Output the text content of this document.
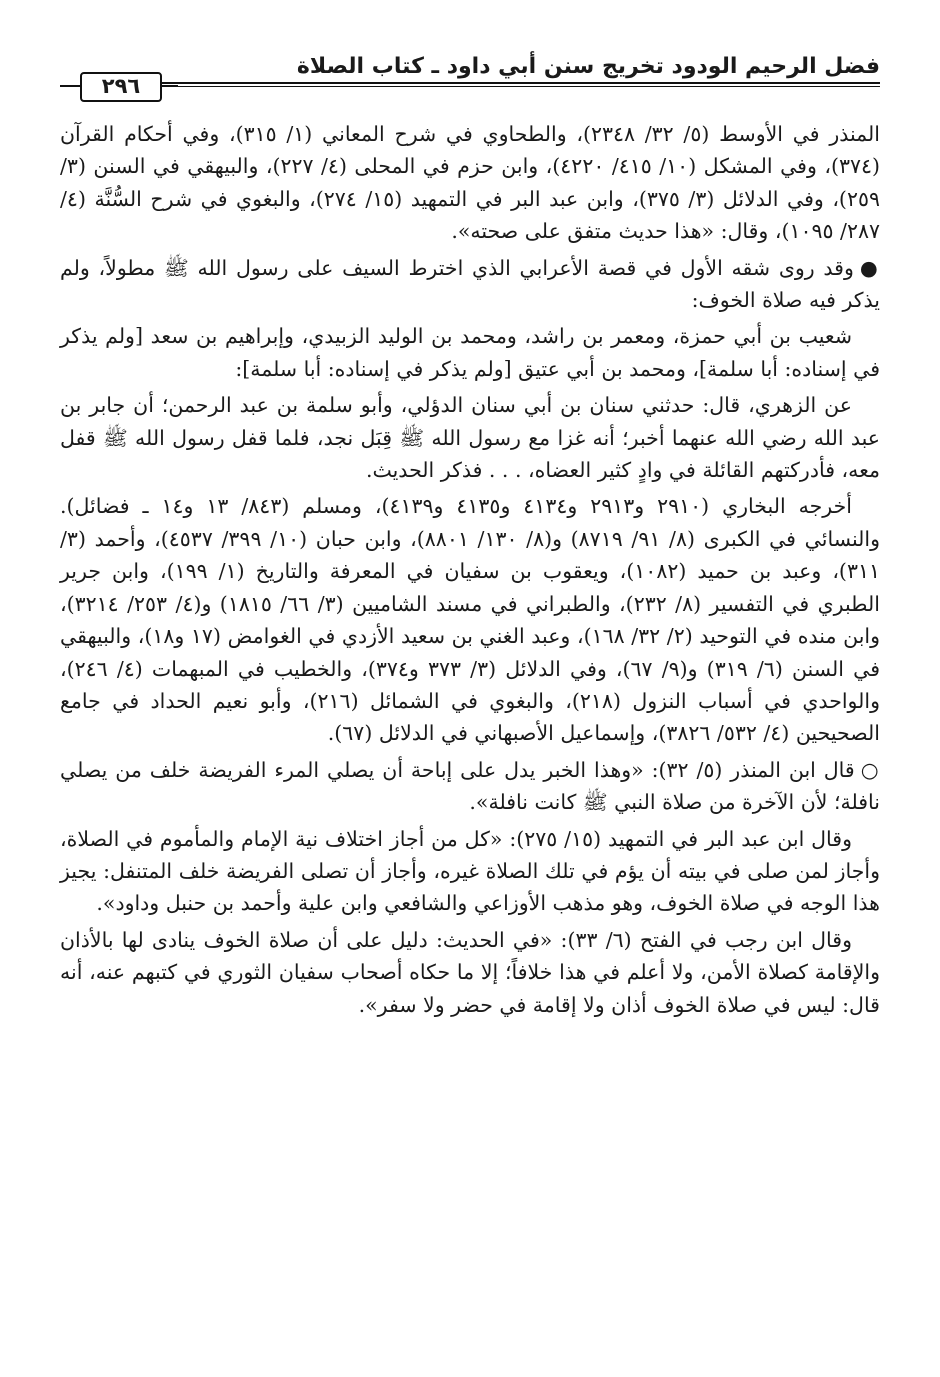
فضل الرحيم الودود تخريج سنن أبي داود ـ كتاب الصلاة
٢٩٦

المنذر في الأوسط (٥/ ٣٢/ ٢٣٤٨)، والطحاوي في شرح المعاني (١/ ٣١٥)، وفي أحكام القرآن (٣٧٤)، وفي المشكل (١٠/ ٤١٥/ ٤٢٢٠)، وابن حزم في المحلى (٤/ ٢٢٧)، والبيهقي في السنن (٣/ ٢٥٩)، وفي الدلائل (٣/ ٣٧٥)، وابن عبد البر في التمهيد (١٥/ ٢٧٤)، والبغوي في شرح السُّنَّة (٤/ ٢٨٧/ ١٠٩٥)، وقال: «هذا حديث متفق على صحته».

●وقد روى شقه الأول في قصة الأعرابي الذي اخترط السيف على رسول الله ﷺ مطولاً، ولم يذكر فيه صلاة الخوف:

شعيب بن أبي حمزة، ومعمر بن راشد، ومحمد بن الوليد الزبيدي، وإبراهيم بن سعد [ولم يذكر في إسناده: أبا سلمة]، ومحمد بن أبي عتيق [ولم يذكر في إسناده: أبا سلمة]:

عن الزهري، قال: حدثني سنان بن أبي سنان الدؤلي، وأبو سلمة بن عبد الرحمن؛ أن جابر بن عبد الله رضي الله عنهما أخبر؛ أنه غزا مع رسول الله ﷺ قِبَل نجد، فلما قفل رسول الله ﷺ قفل معه، فأدركتهم القائلة في وادٍ كثير العضاه، . . . فذكر الحديث.

أخرجه البخاري (٢٩١٠ و٢٩١٣ و٤١٣٤ و٤١٣٥ و٤١٣٩)، ومسلم (٨٤٣/ ١٣ و١٤ ـ فضائل). والنسائي في الكبرى (٨/ ٩١/ ٨٧١٩) و(٨/ ١٣٠/ ٨٨٠١)، وابن حبان (١٠/ ٣٩٩/ ٤٥٣٧)، وأحمد (٣/ ٣١١)، وعبد بن حميد (١٠٨٢)، ويعقوب بن سفيان في المعرفة والتاريخ (١/ ١٩٩)، وابن جرير الطبري في التفسير (٨/ ٢٣٢)، والطبراني في مسند الشاميين (٣/ ٦٦/ ١٨١٥) و(٤/ ٢٥٣/ ٣٢١٤)، وابن منده في التوحيد (٢/ ٣٢/ ١٦٨)، وعبد الغني بن سعيد الأزدي في الغوامض (١٧ و١٨)، والبيهقي في السنن (٦/ ٣١٩) و(٩/ ٦٧)، وفي الدلائل (٣/ ٣٧٣ و٣٧٤)، والخطيب في المبهمات (٤/ ٢٤٦)، والواحدي في أسباب النزول (٢١٨)، والبغوي في الشمائل (٢١٦)، وأبو نعيم الحداد في جامع الصحيحين (٤/ ٥٣٢/ ٣٨٢٦)، وإسماعيل الأصبهاني في الدلائل (٦٧).

○قال ابن المنذر (٥/ ٣٢): «وهذا الخبر يدل على إباحة أن يصلي المرء الفريضة خلف من يصلي نافلة؛ لأن الآخرة من صلاة النبي ﷺ كانت نافلة».

وقال ابن عبد البر في التمهيد (١٥/ ٢٧٥): «كل من أجاز اختلاف نية الإمام والمأموم في الصلاة، وأجاز لمن صلى في بيته أن يؤم في تلك الصلاة غيره، وأجاز أن تصلى الفريضة خلف المتنفل: يجيز هذا الوجه في صلاة الخوف، وهو مذهب الأوزاعي والشافعي وابن علية وأحمد بن حنبل وداود».

وقال ابن رجب في الفتح (٦/ ٣٣): «في الحديث: دليل على أن صلاة الخوف ينادى لها بالأذان والإقامة كصلاة الأمن، ولا أعلم في هذا خلافاً؛ إلا ما حكاه أصحاب سفيان الثوري في كتبهم عنه، أنه قال: ليس في صلاة الخوف أذان ولا إقامة في حضر ولا سفر».
